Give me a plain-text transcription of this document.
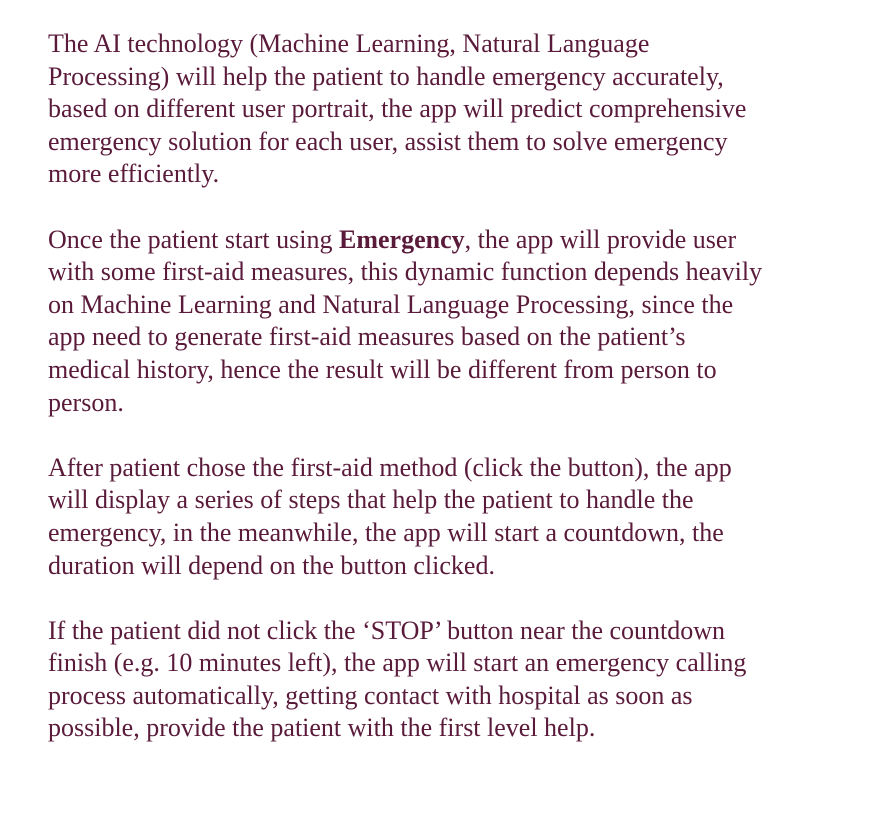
The AI technology (Machine Learning, Natural Language
Processing) will help the patient to handle emergency accurately,
based on different user portrait, the app will predict comprehensive
emergency solution for each user, assist them to solve emergency
more efficiently.

Once the patient start using Emergency, the app will provide user
with some first-aid measures, this dynamic function depends heavily
on Machine Learning and Natural Language Processing, since the
app need to generate first-aid measures based on the patient’s
medical history, hence the result will be different from person to
person.

After patient chose the first-aid method (click the button), the app
will display a series of steps that help the patient to handle the
emergency, in the meanwhile, the app will start a countdown, the
duration will depend on the button clicked.

If the patient did not click the ‘STOP’ button near the countdown
finish (e.g. 10 minutes left), the app will start an emergency calling
process automatically, getting contact with hospital as soon as
possible, provide the patient with the first level help.
